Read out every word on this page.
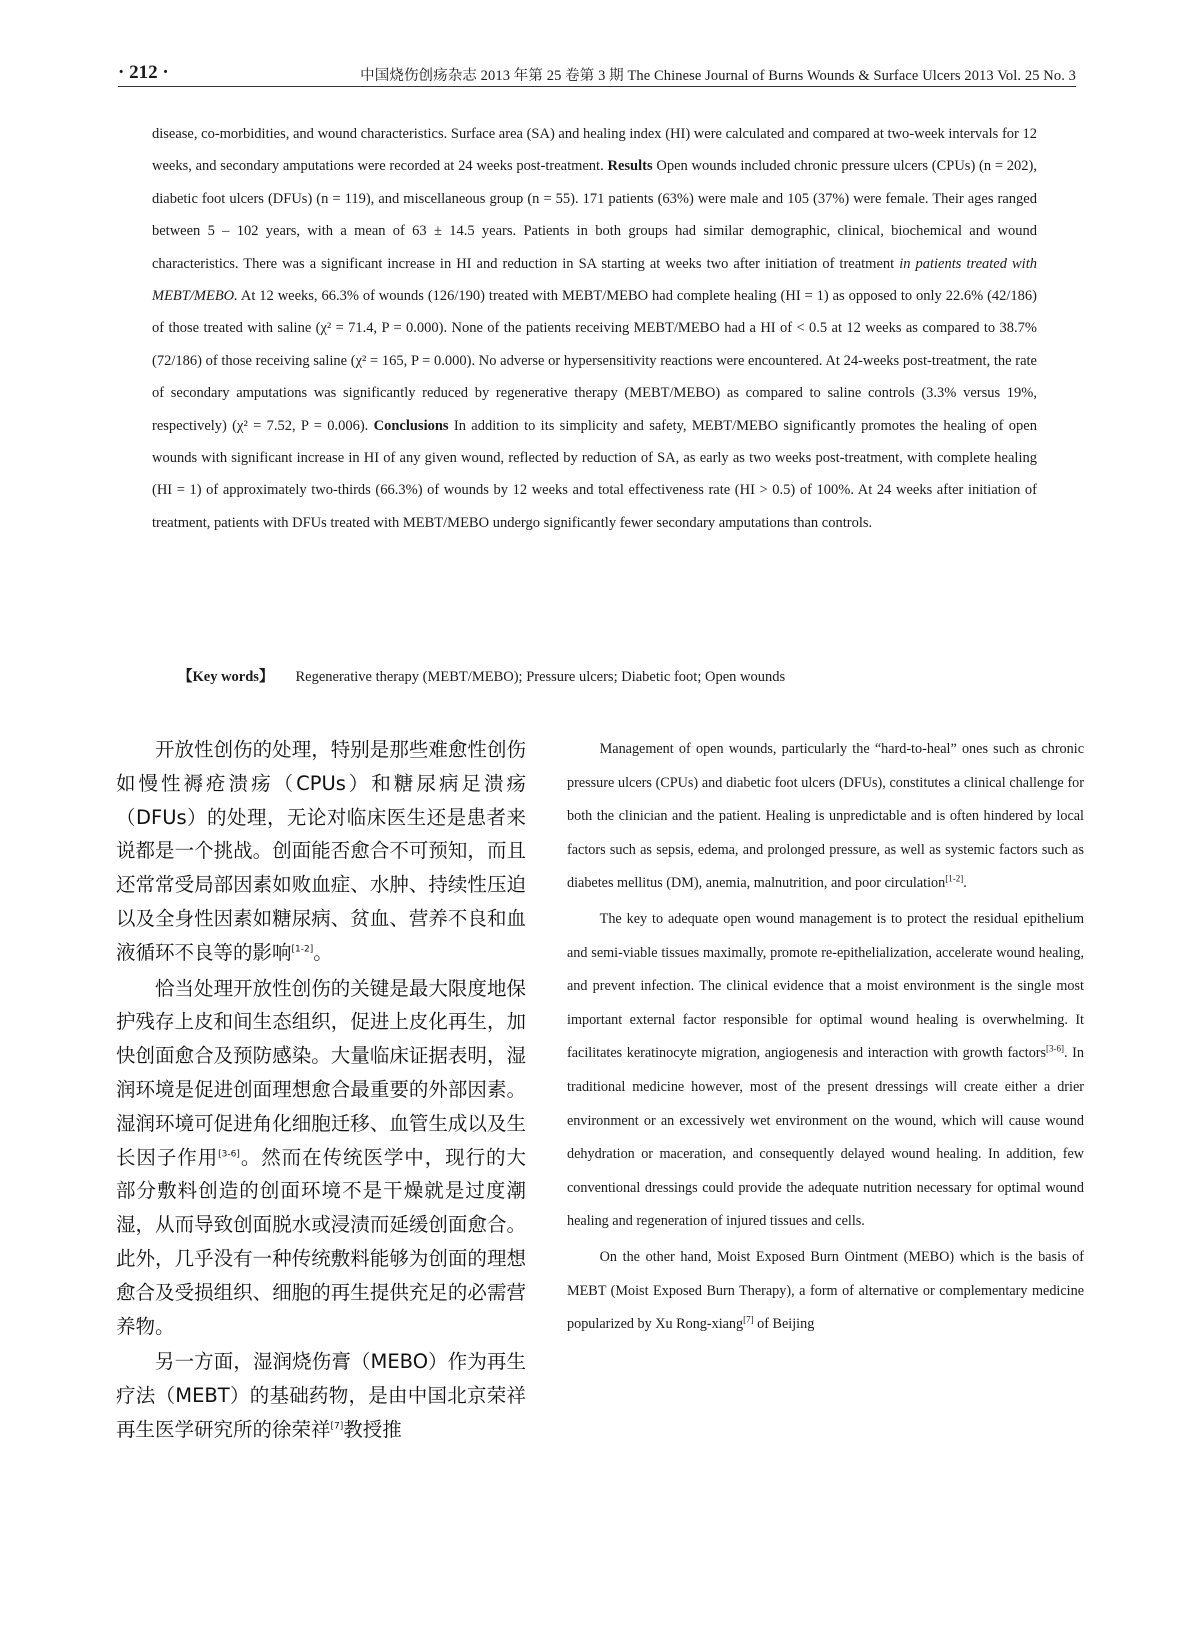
· 212 ·	中国烧伤创疡杂志 2013 年第 25 卷第 3 期 The Chinese Journal of Burns Wounds & Surface Ulcers 2013 Vol. 25 No. 3

disease, co-morbidities, and wound characteristics. Surface area (SA) and healing index (HI) were calculated and compared at two-week intervals for 12 weeks, and secondary amputations were recorded at 24 weeks post-treatment. Results Open wounds included chronic pressure ulcers (CPUs) (n = 202), diabetic foot ulcers (DFUs) (n = 119), and miscellaneous group (n = 55). 171 patients (63%) were male and 105 (37%) were female. Their ages ranged between 5 – 102 years, with a mean of 63 ± 14.5 years. Patients in both groups had similar demographic, clinical, biochemical and wound characteristics. There was a significant increase in HI and reduction in SA starting at weeks two after initiation of treatment in patients treated with MEBT/MEBO. At 12 weeks, 66.3% of wounds (126/190) treated with MEBT/MEBO had complete healing (HI = 1) as opposed to only 22.6% (42/186) of those treated with saline (χ² = 71.4, P = 0.000). None of the patients receiving MEBT/MEBO had a HI of < 0.5 at 12 weeks as compared to 38.7% (72/186) of those receiving saline (χ² = 165, P = 0.000). No adverse or hypersensitivity reactions were encountered. At 24-weeks post-treatment, the rate of secondary amputations was significantly reduced by regenerative therapy (MEBT/MEBO) as compared to saline controls (3.3% versus 19%, respectively) (χ² = 7.52, P = 0.006). Conclusions In addition to its simplicity and safety, MEBT/MEBO significantly promotes the healing of open wounds with significant increase in HI of any given wound, reflected by reduction of SA, as early as two weeks post-treatment, with complete healing (HI = 1) of approximately two-thirds (66.3%) of wounds by 12 weeks and total effectiveness rate (HI > 0.5) of 100%. At 24 weeks after initiation of treatment, patients with DFUs treated with MEBT/MEBO undergo significantly fewer secondary amputations than controls.

【Key words】 Regenerative therapy (MEBT/MEBO); Pressure ulcers; Diabetic foot; Open wounds

开放性创伤的处理，特别是那些难愈性创伤如慢性褥疮溃疡（CPUs）和糖尿病足溃疡（DFUs）的处理，无论对临床医生还是患者来说都是一个挑战。创面能否愈合不可预知，而且还常常受局部因素如败血症、水肿、持续性压迫以及全身性因素如糖尿病、贫血、营养不良和血液循环不良等的影响[1-2]。

恰当处理开放性创伤的关键是最大限度地保护残存上皮和间生态组织，促进上皮化再生，加快创面愈合及预防感染。大量临床证据表明，湿润环境是促进创面理想愈合最重要的外部因素。湿润环境可促进角化细胞迁移、血管生成以及生长因子作用[3-6]。然而在传统医学中，现行的大部分敷料创造的创面环境不是干燥就是过度潮湿，从而导致创面脱水或浸渍而延缓创面愈合。此外，几乎没有一种传统敷料能够为创面的理想愈合及受损组织、细胞的再生提供充足的必需营养物。

另一方面，湿润烧伤膏（MEBO）作为再生疗法（MEBT）的基础药物，是由中国北京荣祥再生医学研究所的徐荣祥[7]教授推

Management of open wounds, particularly the “hard-to-heal” ones such as chronic pressure ulcers (CPUs) and diabetic foot ulcers (DFUs), constitutes a clinical challenge for both the clinician and the patient. Healing is unpredictable and is often hindered by local factors such as sepsis, edema, and prolonged pressure, as well as systemic factors such as diabetes mellitus (DM), anemia, malnutrition, and poor circulation[1-2].

The key to adequate open wound management is to protect the residual epithelium and semi-viable tissues maximally, promote re-epithelialization, accelerate wound healing, and prevent infection. The clinical evidence that a moist environment is the single most important external factor responsible for optimal wound healing is overwhelming. It facilitates keratinocyte migration, angiogenesis and interaction with growth factors[3-6]. In traditional medicine however, most of the present dressings will create either a drier environment or an excessively wet environment on the wound, which will cause wound dehydration or maceration, and consequently delayed wound healing. In addition, few conventional dressings could provide the adequate nutrition necessary for optimal wound healing and regeneration of injured tissues and cells.

On the other hand, Moist Exposed Burn Ointment (MEBO) which is the basis of MEBT (Moist Exposed Burn Therapy), a form of alternative or complementary medicine popularized by Xu Rong-xiang[7] of Beijing
